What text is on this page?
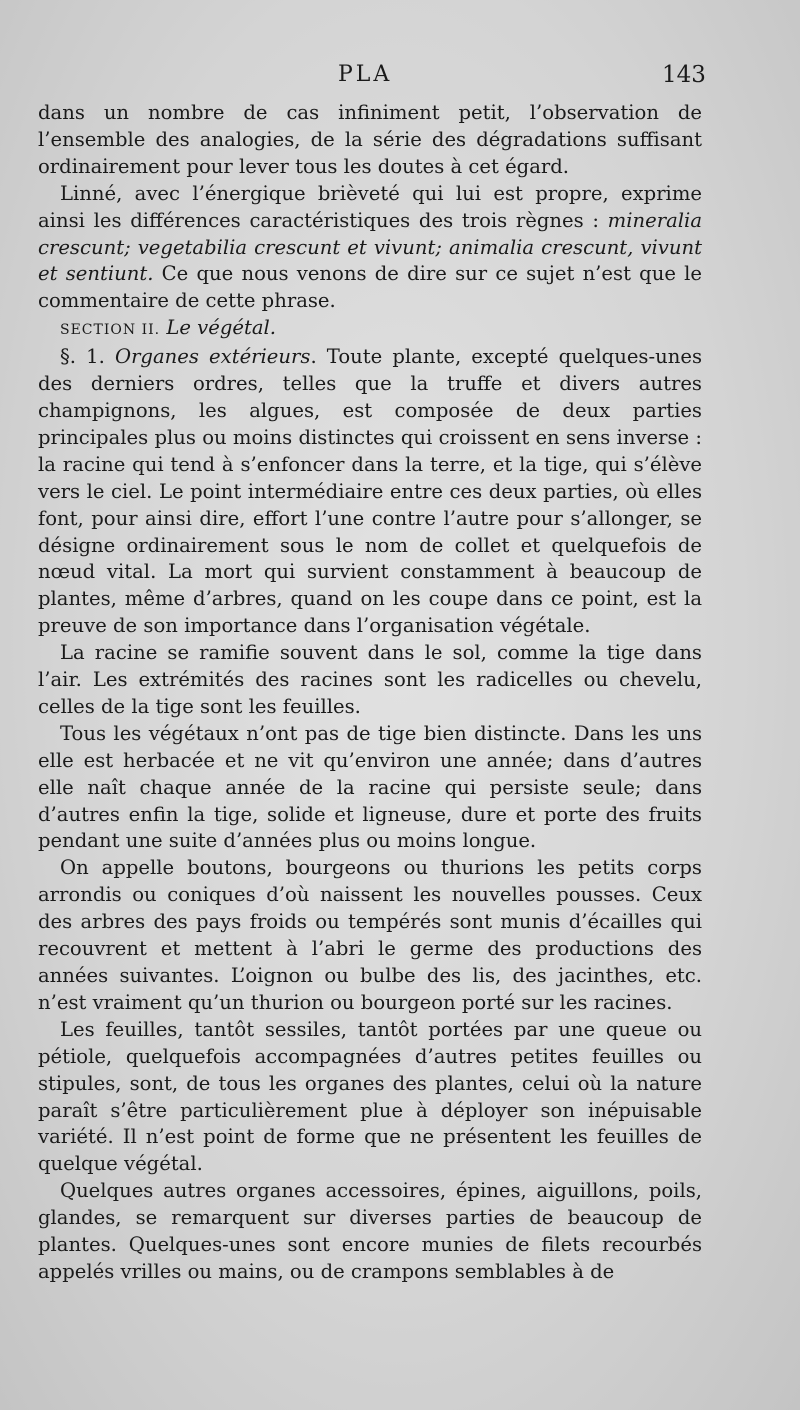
PLA	143

dans un nombre de cas infiniment petit, l’observation de l’ensemble des analogies, de la série des dégradations suffisant ordinairement pour lever tous les doutes à cet égard.

Linné, avec l’énergique brièveté qui lui est propre, exprime ainsi les différences caractéristiques des trois règnes : mineralia crescunt; vegetabilia crescunt et vivunt; animalia crescunt, vivunt et sentiunt. Ce que nous venons de dire sur ce sujet n’est que le commentaire de cette phrase.

SECTION II. Le végétal.

§. 1. Organes extérieurs. Toute plante, excepté quelques-unes des derniers ordres, telles que la truffe et divers autres champignons, les algues, est composée de deux parties principales plus ou moins distinctes qui croissent en sens inverse : la racine qui tend à s’enfoncer dans la terre, et la tige, qui s’élève vers le ciel. Le point intermédiaire entre ces deux parties, où elles font, pour ainsi dire, effort l’une contre l’autre pour s’allonger, se désigne ordinairement sous le nom de collet et quelquefois de nœud vital. La mort qui survient constamment à beaucoup de plantes, même d’arbres, quand on les coupe dans ce point, est la preuve de son importance dans l’organisation végétale.

La racine se ramifie souvent dans le sol, comme la tige dans l’air. Les extrémités des racines sont les radicelles ou chevelu, celles de la tige sont les feuilles.

Tous les végétaux n’ont pas de tige bien distincte. Dans les uns elle est herbacée et ne vit qu’environ une année; dans d’autres elle naît chaque année de la racine qui persiste seule; dans d’autres enfin la tige, solide et ligneuse, dure et porte des fruits pendant une suite d’années plus ou moins longue.

On appelle boutons, bourgeons ou thurions les petits corps arrondis ou coniques d’où naissent les nouvelles pousses. Ceux des arbres des pays froids ou tempérés sont munis d’écailles qui recouvrent et mettent à l’abri le germe des productions des années suivantes. L’oignon ou bulbe des lis, des jacinthes, etc. n’est vraiment qu’un thurion ou bourgeon porté sur les racines.

Les feuilles, tantôt sessiles, tantôt portées par une queue ou pétiole, quelquefois accompagnées d’autres petites feuilles ou stipules, sont, de tous les organes des plantes, celui où la nature paraît s’être particulièrement plue à déployer son inépuisable variété. Il n’est point de forme que ne présentent les feuilles de quelque végétal.

Quelques autres organes accessoires, épines, aiguillons, poils, glandes, se remarquent sur diverses parties de beaucoup de plantes. Quelques-unes sont encore munies de filets recourbés appelés vrilles ou mains, ou de crampons semblables à de
